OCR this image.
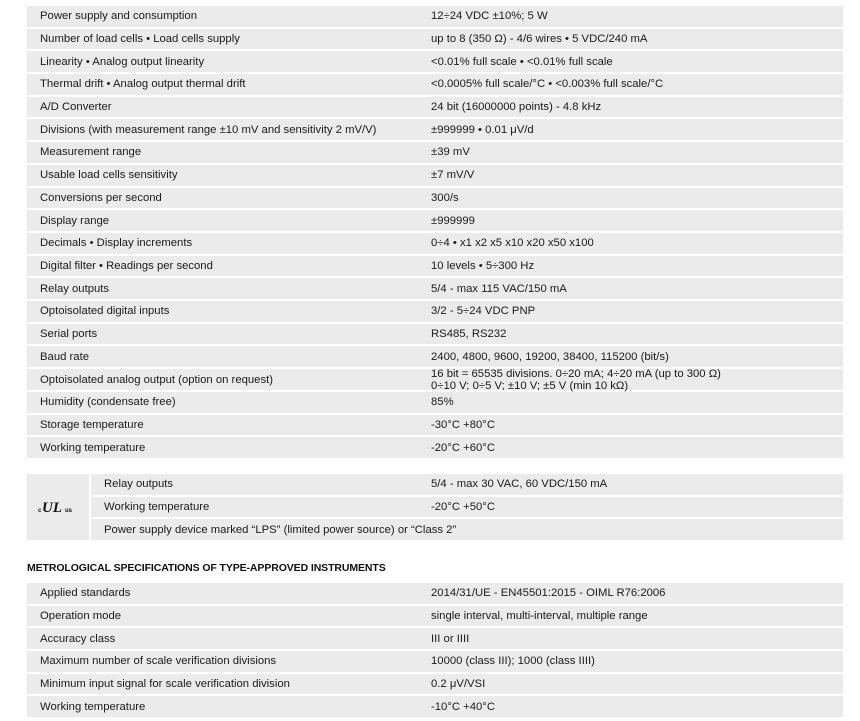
Power supply and consumption	12÷24 VDC ±10%; 5 W
Number of load cells • Load cells supply	up to 8 (350 Ω) - 4/6 wires • 5 VDC/240 mA
Linearity • Analog output linearity	<0.01% full scale • <0.01% full scale
Thermal drift • Analog output thermal drift	<0.0005% full scale/°C • <0.003% full scale/°C
A/D Converter	24 bit (16000000 points) - 4.8 kHz
Divisions (with measurement range ±10 mV and sensitivity 2 mV/V)	±999999 • 0.01 μV/d
Measurement range	±39 mV
Usable load cells sensitivity	±7 mV/V
Conversions per second	300/s
Display range	±999999
Decimals • Display increments	0÷4 • x1 x2 x5 x10 x20 x50 x100
Digital filter • Readings per second	10 levels • 5÷300 Hz
Relay outputs	5/4 - max 115 VAC/150 mA
Optoisolated digital inputs	3/2 - 5÷24 VDC PNP
Serial ports	RS485, RS232
Baud rate	2400, 4800, 9600, 19200, 38400, 115200 (bit/s)
Optoisolated analog output (option on request)	16 bit = 65535 divisions. 0÷20 mA; 4÷20 mA (up to 300 Ω)
0÷10 V; 0÷5 V; ±10 V; ±5 V (min 10 kΩ)
Humidity (condensate free)	85%
Storage temperature	-30°C +80°C
Working temperature	-20°C +60°C
c UL us
Relay outputs	5/4 - max 30 VAC, 60 VDC/150 mA
Working temperature	-20°C +50°C
Power supply device marked “LPS” (limited power source) or “Class 2”
METROLOGICAL SPECIFICATIONS OF TYPE-APPROVED INSTRUMENTS
Applied standards	2014/31/UE - EN45501:2015 - OIML R76:2006
Operation mode	single interval, multi-interval, multiple range
Accuracy class	III or IIII
Maximum number of scale verification divisions	10000 (class III); 1000 (class IIII)
Minimum input signal for scale verification division	0.2 μV/VSI
Working temperature	-10°C +40°C
